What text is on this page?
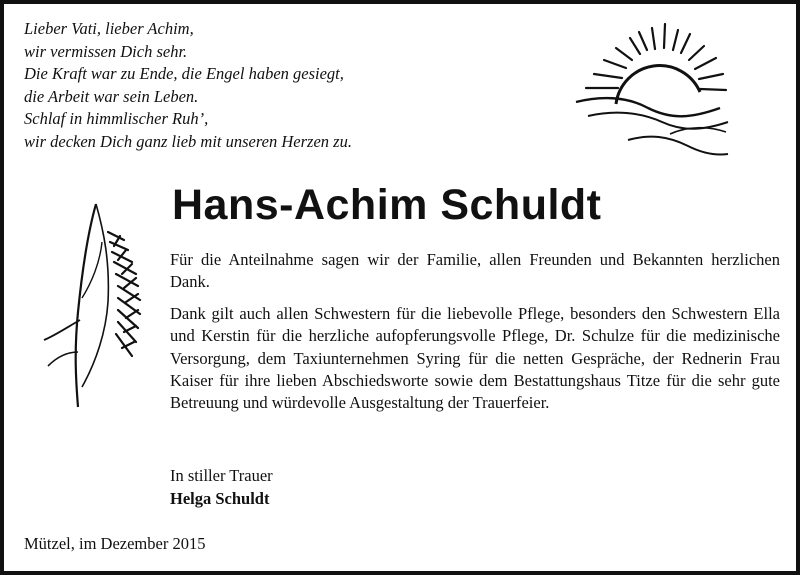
Lieber Vati, lieber Achim,
wir vermissen Dich sehr.
Die Kraft war zu Ende, die Engel haben gesiegt,
die Arbeit war sein Leben.
Schlaf in himmlischer Ruh’,
wir decken Dich ganz lieb mit unseren Herzen zu.
Hans-Achim Schuldt

Für die Anteilnahme sagen wir der Familie, allen Freunden und Bekannten herzlichen Dank.

Dank gilt auch allen Schwestern für die liebevolle Pflege, besonders den Schwestern Ella und Kerstin für die herzliche aufopferungsvolle Pflege, Dr. Schulze für die medizinische Versorgung, dem Taxiunternehmen Syring für die netten Gespräche, der Rednerin Frau Kaiser für ihre lieben Abschiedsworte sowie dem Bestattungshaus Titze für die sehr gute Betreuung und würdevolle Ausgestaltung der Trauerfeier.

In stiller Trauer
Helga Schuldt
Mützel, im Dezember 2015
